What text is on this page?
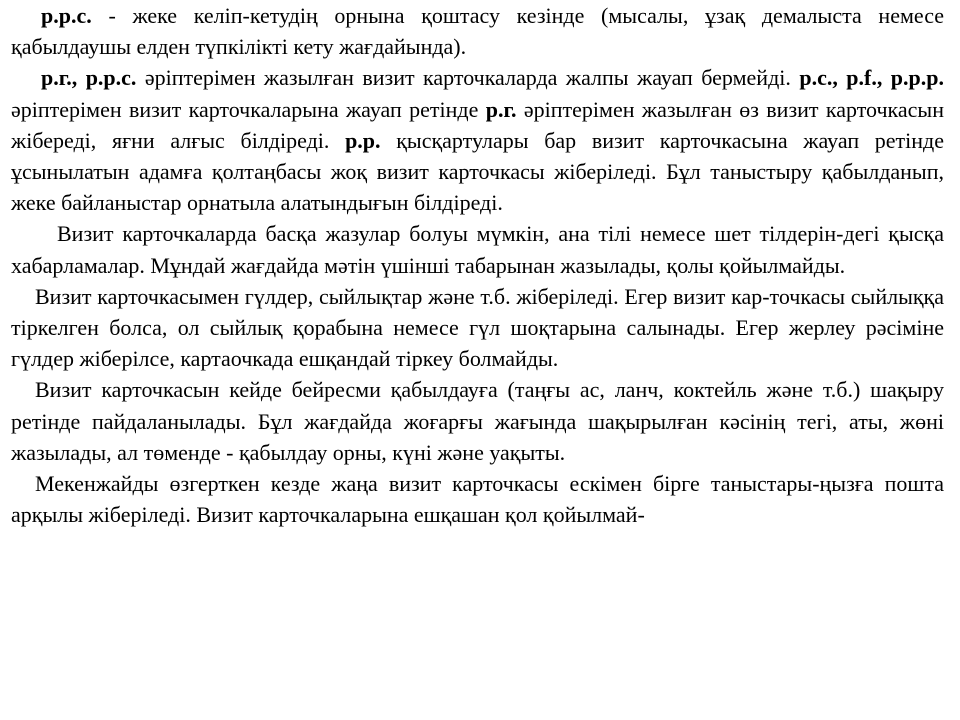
р.р.с. - жеке келіп-кетудің орнына қоштасу кезінде (мысалы, ұзақ демалыста немесе қабылдаушы елден түпкілікті кету жағдайында).

р.г., р.р.с. әріптерімен жазылған визит карточкаларда жалпы жауап бермейді. р.с., р.f., р.р.р. әріптерімен визит карточкаларына жауап ретінде р.г. әріптерімен жазылған өз визит карточкасын жібереді, яғни алғыс білдіреді. р.р. қысқартулары бар визит карточкасына жауап ретінде ұсынылатын адамға қолтаңбасы жоқ визит карточкасы жіберіледі. Бұл таныстыру қабылданып, жеке байланыстар орнатыла алатындығын білдіреді.

Визит карточкаларда басқа жазулар болуы мүмкін, ана тілі немесе шет тілдерін-дегі қысқа хабарламалар. Мұндай жағдайда мәтін үшінші табарынан жазылады, қолы қойылмайды.

Визит карточкасымен гүлдер, сыйлықтар және т.б. жіберіледі. Егер визит кар-точкасы сыйлыққа тіркелген болса, ол сыйлық қорабына немесе гүл шоқтарына салынады. Егер жерлеу рәсіміне гүлдер жіберілсе, картаочкада ешқандай тіркеу болмайды.

Визит карточкасын кейде бейресми қабылдауға (таңғы ас, ланч, коктейль және т.б.) шақыру ретінде пайдаланылады. Бұл жағдайда жоғарғы жағында шақырылған кәсінің тегі, аты, жөні жазылады, ал төменде - қабылдау орны, күні және уақыты.

Мекенжайды өзгерткен кезде жаңа визит карточкасы ескімен бірге таныстары-ңызға пошта арқылы жіберіледі. Визит карточкаларына ешқашан қол қойылмай-
